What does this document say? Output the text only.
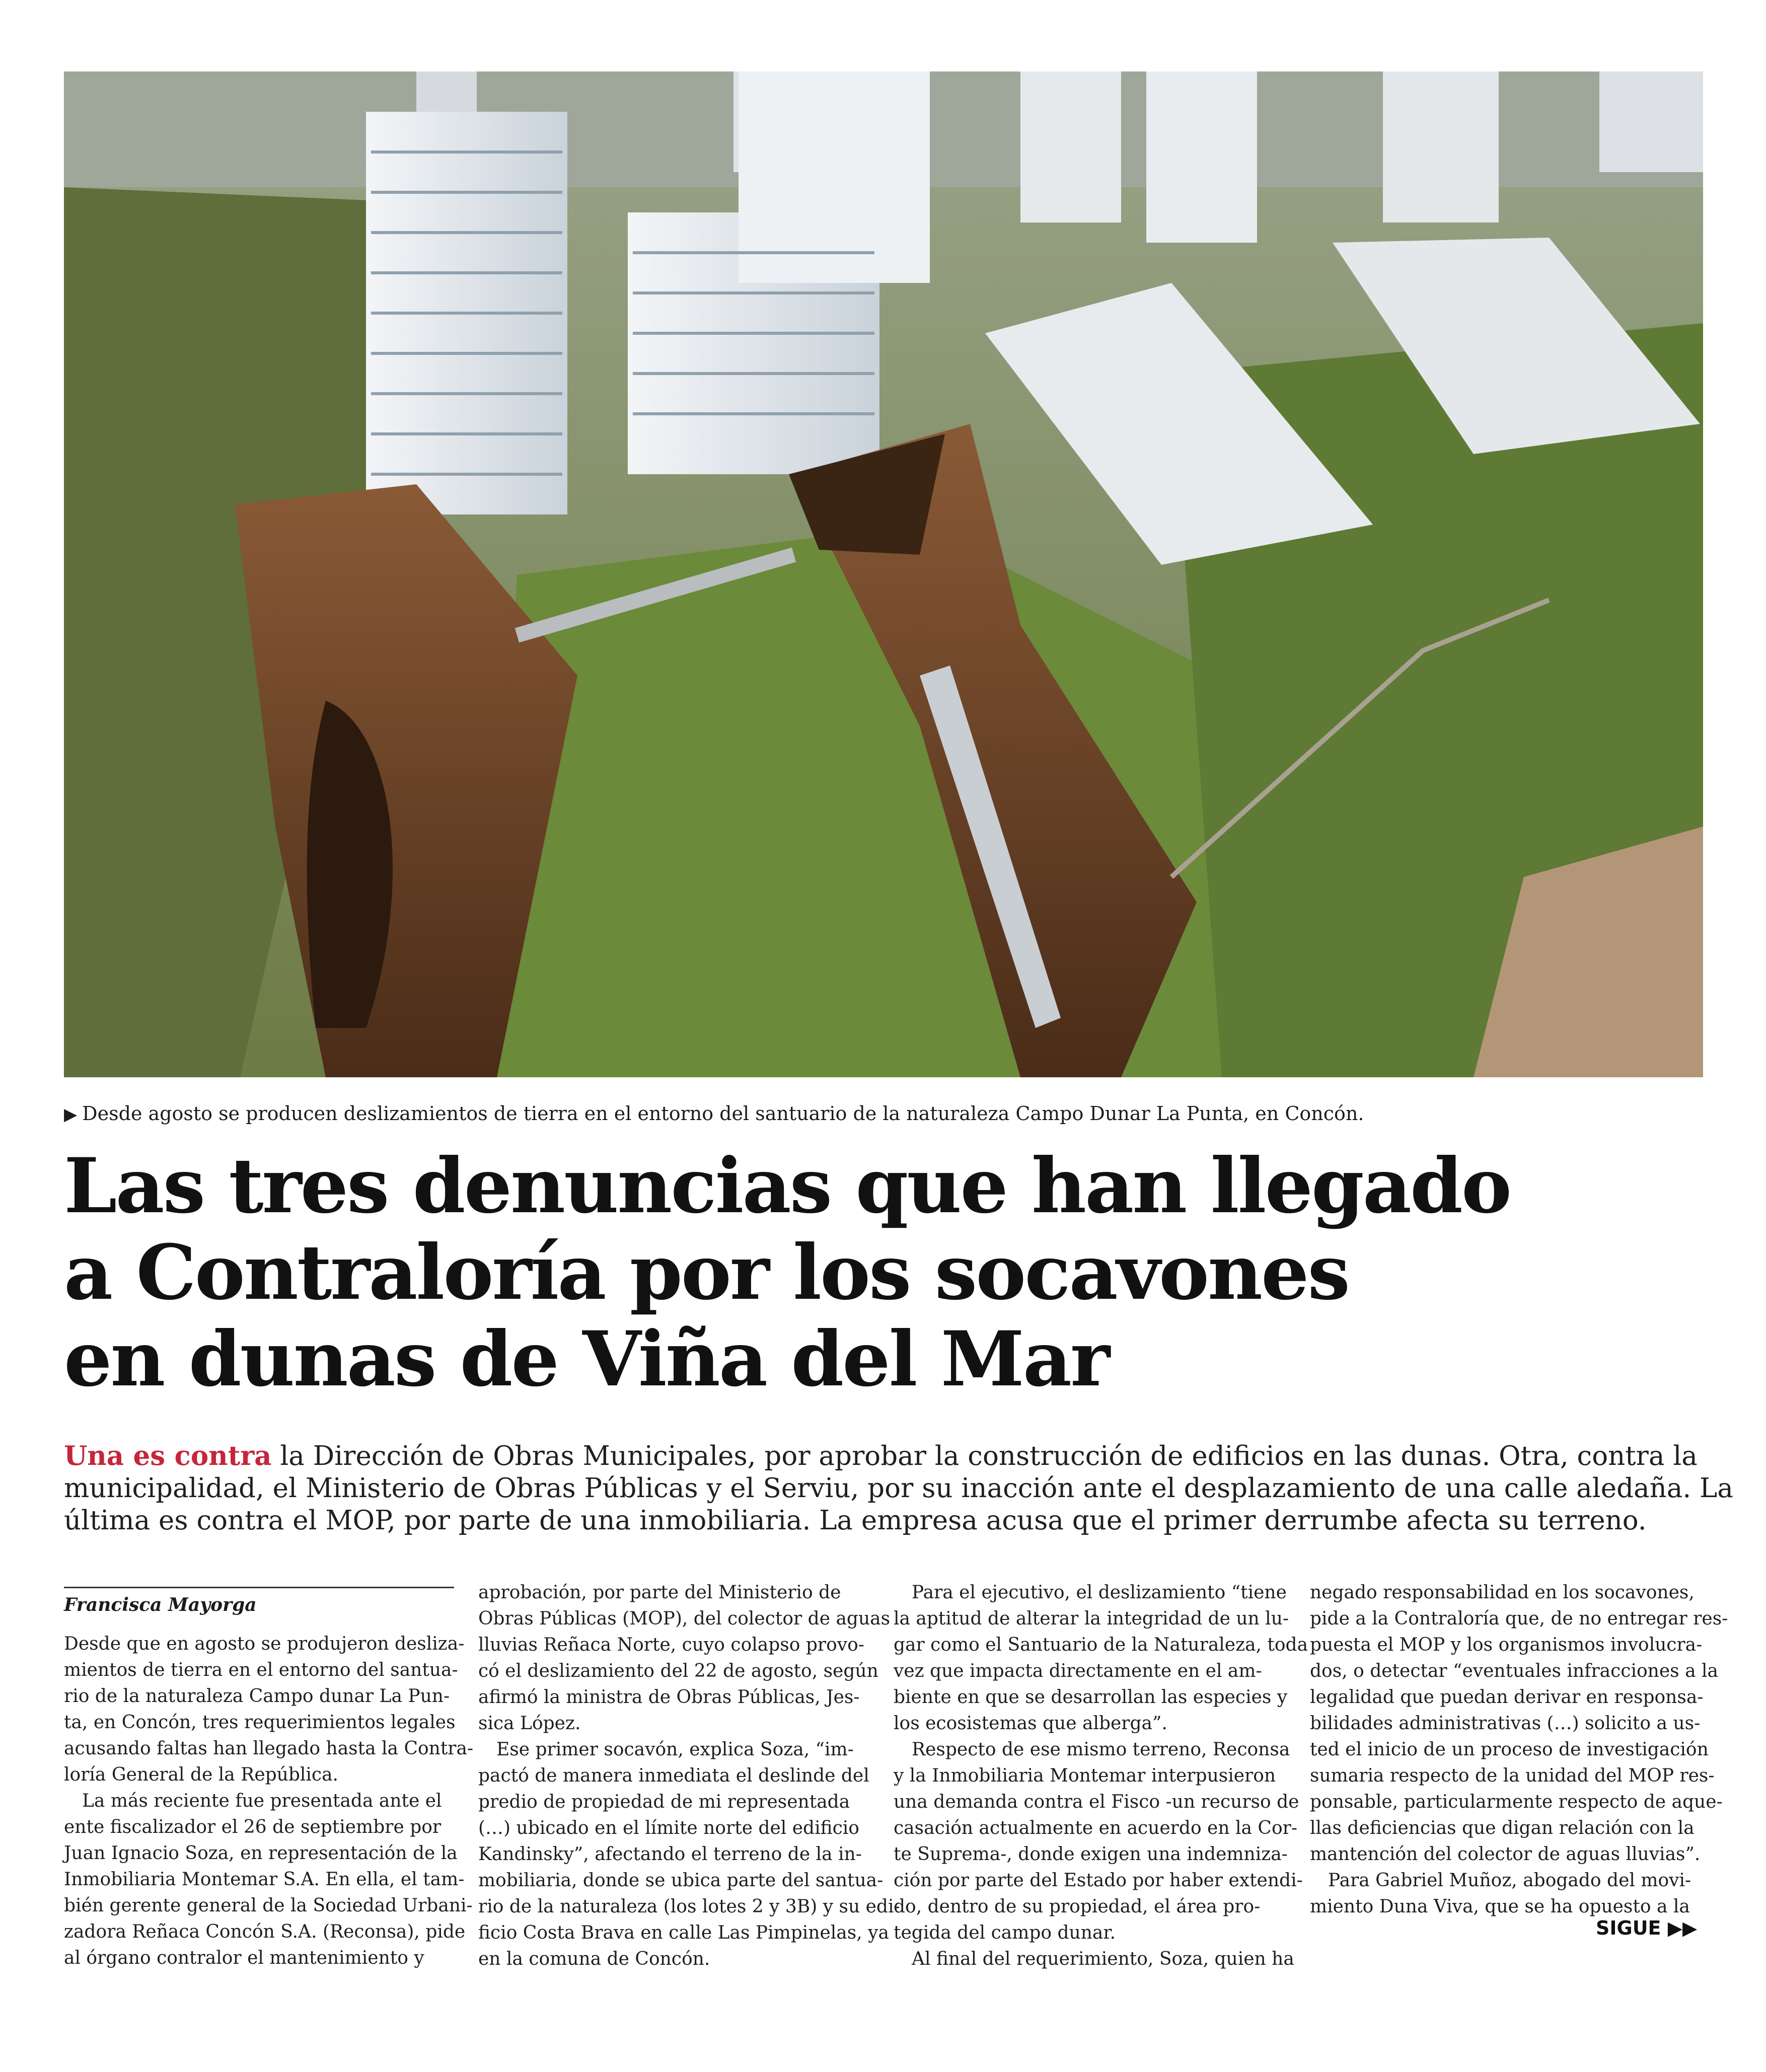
▶ Desde agosto se producen deslizamientos de tierra en el entorno del santuario de la naturaleza Campo Dunar La Punta, en Concón.
Las tres denuncias que han llegado
a Contraloría por los socavones
en dunas de Viña del Mar
Una es contra la Dirección de Obras Municipales, por aprobar la construcción de edificios en las dunas. Otra, contra la
municipalidad, el Ministerio de Obras Públicas y el Serviu, por su inacción ante el desplazamiento de una calle aledaña. La
última es contra el MOP, por parte de una inmobiliaria. La empresa acusa que el primer derrumbe afecta su terreno.
Francisca Mayorga
Desde que en agosto se produjeron desliza-
mientos de tierra en el entorno del santua-
rio de la naturaleza Campo dunar La Pun-
ta, en Concón, tres requerimientos legales
acusando faltas han llegado hasta la Contra-
loría General de la República.
La más reciente fue presentada ante el
ente fiscalizador el 26 de septiembre por
Juan Ignacio Soza, en representación de la
Inmobiliaria Montemar S.A. En ella, el tam-
bién gerente general de la Sociedad Urbani-
zadora Reñaca Concón S.A. (Reconsa), pide
al órgano contralor el mantenimiento y
aprobación, por parte del Ministerio de
Obras Públicas (MOP), del colector de aguas
lluvias Reñaca Norte, cuyo colapso provo-
có el deslizamiento del 22 de agosto, según
afirmó la ministra de Obras Públicas, Jes-
sica López.
Ese primer socavón, explica Soza, “im-
pactó de manera inmediata el deslinde del
predio de propiedad de mi representada
(…) ubicado en el límite norte del edificio
Kandinsky”, afectando el terreno de la in-
mobiliaria, donde se ubica parte del santua-
rio de la naturaleza (los lotes 2 y 3B) y su edi-
ficio Costa Brava en calle Las Pimpinelas, ya
en la comuna de Concón.
Para el ejecutivo, el deslizamiento “tiene
la aptitud de alterar la integridad de un lu-
gar como el Santuario de la Naturaleza, toda
vez que impacta directamente en el am-
biente en que se desarrollan las especies y
los ecosistemas que alberga”.
Respecto de ese mismo terreno, Reconsa
y la Inmobiliaria Montemar interpusieron
una demanda contra el Fisco -un recurso de
casación actualmente en acuerdo en la Cor-
te Suprema-, donde exigen una indemniza-
ción por parte del Estado por haber extendi-
do, dentro de su propiedad, el área pro-
tegida del campo dunar.
Al final del requerimiento, Soza, quien ha
negado responsabilidad en los socavones,
pide a la Contraloría que, de no entregar res-
puesta el MOP y los organismos involucra-
dos, o detectar “eventuales infracciones a la
legalidad que puedan derivar en responsa-
bilidades administrativas (…) solicito a us-
ted el inicio de un proceso de investigación
sumaria respecto de la unidad del MOP res-
ponsable, particularmente respecto de aque-
llas deficiencias que digan relación con la
mantención del colector de aguas lluvias”.
Para Gabriel Muñoz, abogado del movi-
miento Duna Viva, que se ha opuesto a la
SIGUE ▶▶
